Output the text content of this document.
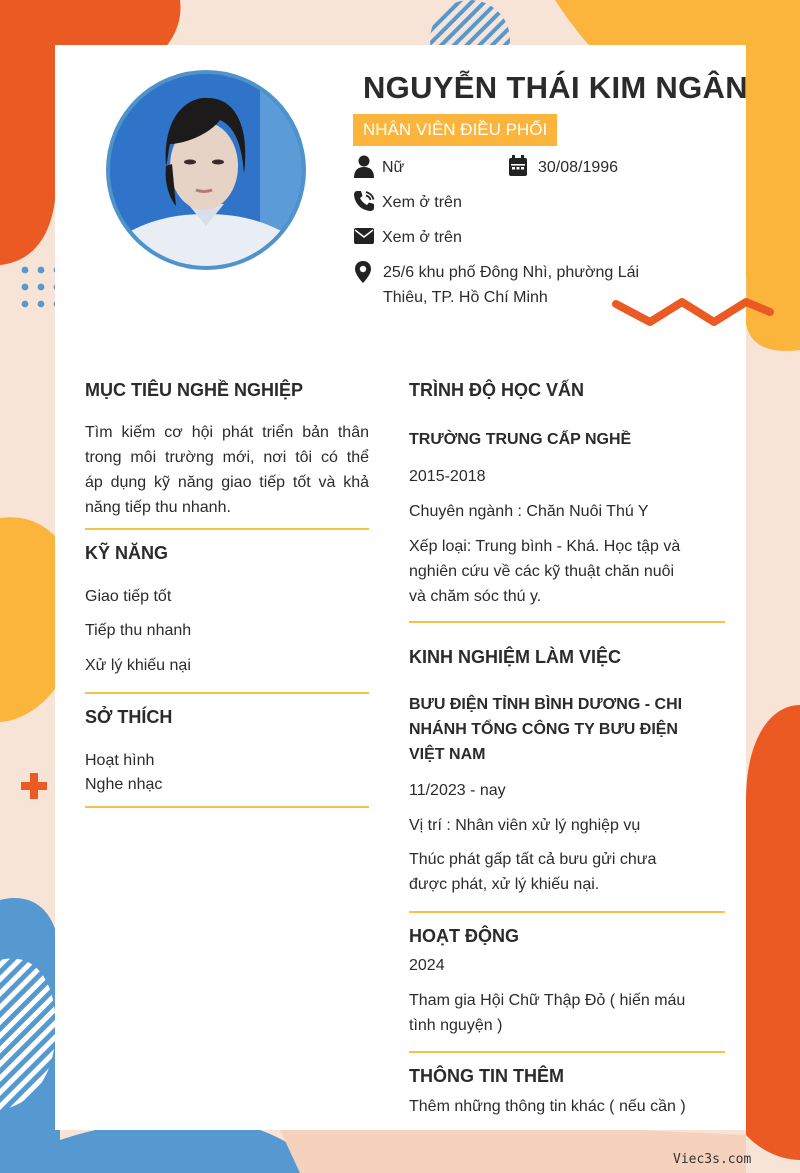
NGUYỄN THÁI KIM NGÂN
NHÂN VIÊN ĐIỀU PHỐI
Nữ	30/08/1996
Xem ở trên
Xem ở trên
25/6 khu phố Đông Nhì, phường Lái
Thiêu, TP. Hồ Chí Minh
MỤC TIÊU NGHỀ NGHIỆP
Tìm kiếm cơ hội phát triển bản thân
trong môi trường mới, nơi tôi có thể
áp dụng kỹ năng giao tiếp tốt và khả
năng tiếp thu nhanh.
KỸ NĂNG
Giao tiếp tốt
Tiếp thu nhanh
Xử lý khiếu nại
SỞ THÍCH
Hoạt hình
Nghe nhạc
TRÌNH ĐỘ HỌC VẤN
TRƯỜNG TRUNG CẤP NGHỀ
2015-2018
Chuyên ngành : Chăn Nuôi Thú Y
Xếp loại: Trung bình - Khá. Học tập và
nghiên cứu về các kỹ thuật chăn nuôi
và chăm sóc thú y.
KINH NGHIỆM LÀM VIỆC
BƯU ĐIỆN TỈNH BÌNH DƯƠNG - CHI
NHÁNH TỔNG CÔNG TY BƯU ĐIỆN
VIỆT NAM
11/2023 - nay
Vị trí : Nhân viên xử lý nghiệp vụ
Thúc phát gấp tất cả bưu gửi chưa
được phát, xử lý khiếu nại.
HOẠT ĐỘNG
2024
Tham gia Hội Chữ Thập Đỏ ( hiến máu
tình nguyện )
THÔNG TIN THÊM
Thêm những thông tin khác ( nếu cần )
Viec3s.com
